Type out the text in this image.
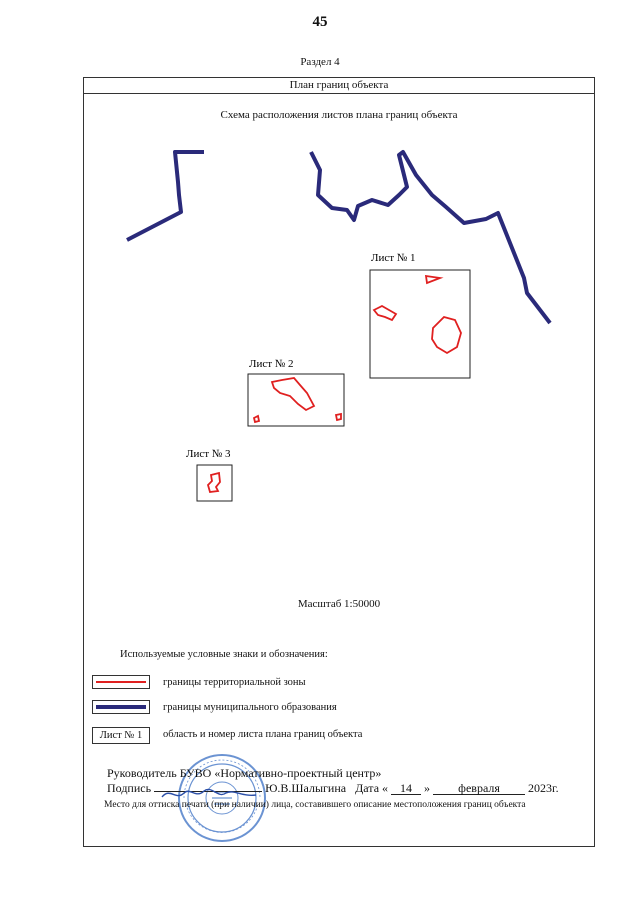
45
Раздел 4
План границ объекта
Схема расположения листов плана границ объекта
Лист № 1
Лист № 2
Лист № 3
Масштаб 1:50000
Используемые условные знаки и обозначения:
границы территориальной зоны
границы муниципального образования
Лист № 1	область и номер листа плана границ объекта
Руководитель БУВО «Нормативно-проектный центр»
Подпись	Ю.В.Шалыгина Дата « 14 » февраля 2023г.
Место для оттиска печати (при наличии) лица, составившего описание местоположения границ объекта
